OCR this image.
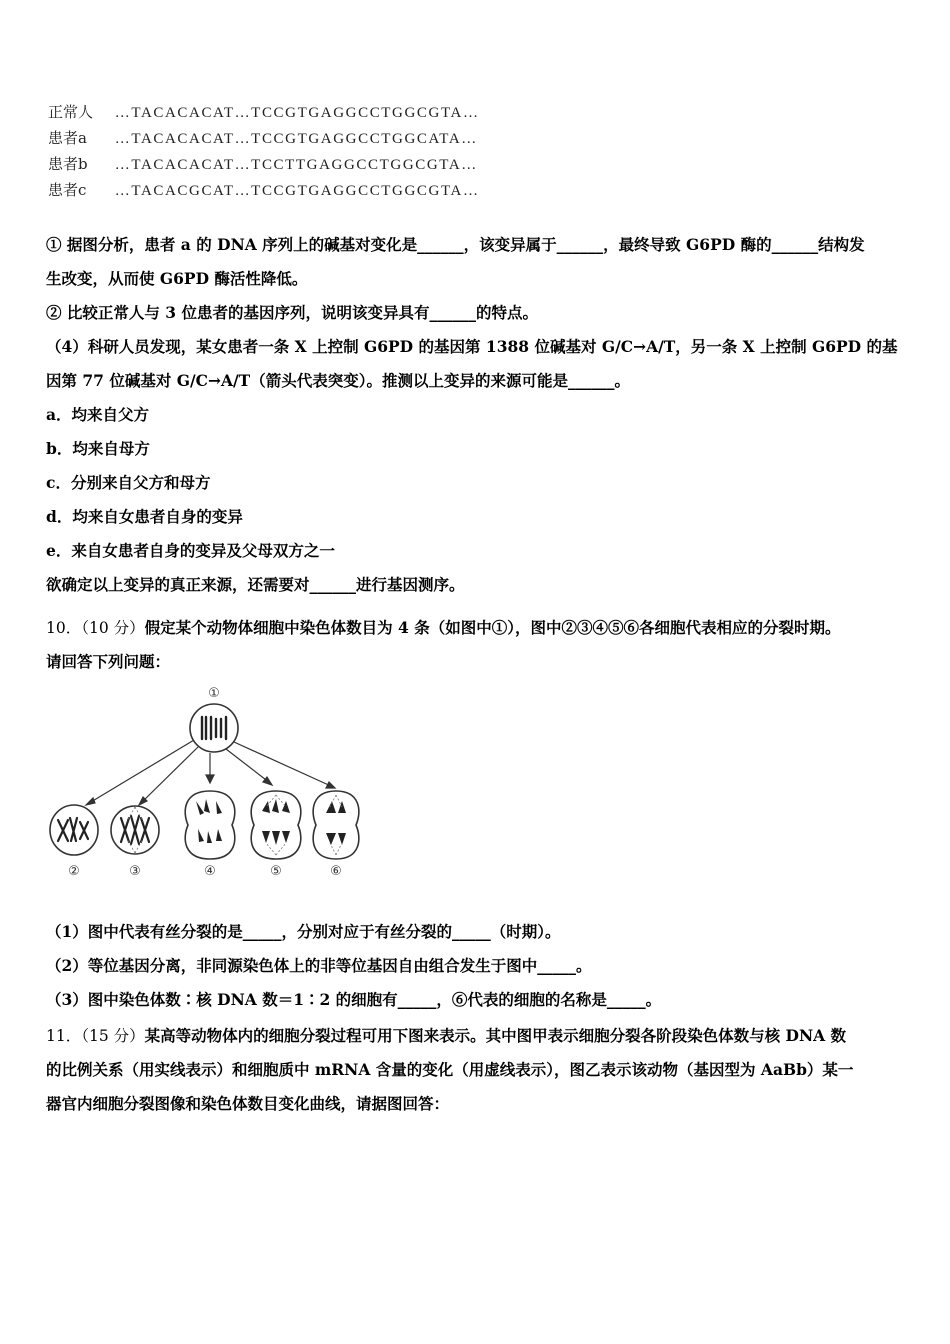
正常人 …TACACACAT…TCCGTGAGGCCTGGCGTA…
患者a …TACACACAT…TCCGTGAGGCCTGGCATA…
患者b …TACACACAT…TCCTTGAGGCCTGGCGTA…
患者c …TACACGCAT…TCCGTGAGGCCTGGCGTA…
① 据图分析，患者 a 的 DNA 序列上的碱基对变化是______，该变异属于______，最终导致 G6PD 酶的______结构发
生改变，从而使 G6PD 酶活性降低。
② 比较正常人与 3 位患者的基因序列，说明该变异具有______的特点。
（4）科研人员发现，某女患者一条 X 上控制 G6PD 的基因第 1388 位碱基对 G/C→A/T，另一条 X 上控制 G6PD 的基
因第 77 位碱基对 G/C→A/T（箭头代表突变）。推测以上变异的来源可能是______。
a．均来自父方
b．均来自母方
c．分别来自父方和母方
d．均来自女患者自身的变异
e．来自女患者自身的变异及父母双方之一
欲确定以上变异的真正来源，还需要对______进行基因测序。
10．（10 分）假定某个动物体细胞中染色体数目为 4 条（如图中①），图中②③④⑤⑥各细胞代表相应的分裂时期。
请回答下列问题：
①
②	③	④	⑤	⑥
（1）图中代表有丝分裂的是_____，分别对应于有丝分裂的_____（时期）。
（2）等位基因分离，非同源染色体上的非等位基因自由组合发生于图中_____。
（3）图中染色体数∶核 DNA 数＝1∶2 的细胞有_____，⑥代表的细胞的名称是_____。
11．（15 分）某高等动物体内的细胞分裂过程可用下图来表示。其中图甲表示细胞分裂各阶段染色体数与核 DNA 数
的比例关系（用实线表示）和细胞质中 mRNA 含量的变化（用虚线表示），图乙表示该动物（基因型为 AaBb）某一
器官内细胞分裂图像和染色体数目变化曲线，请据图回答：
